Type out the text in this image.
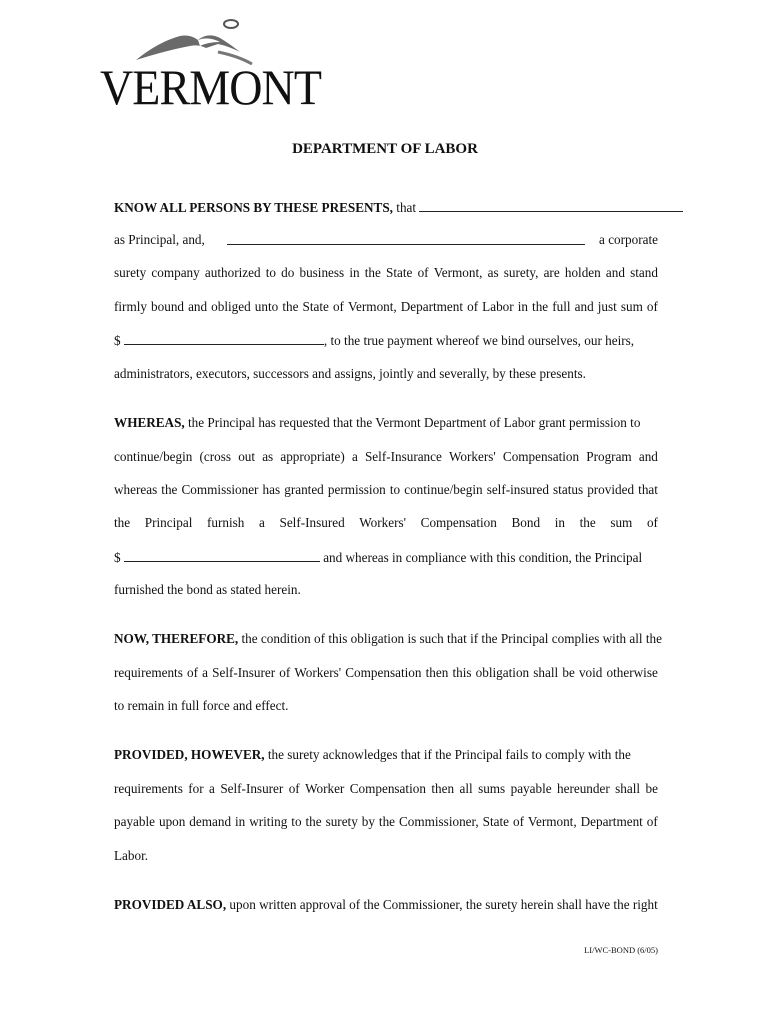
VERMONT
DEPARTMENT OF LABOR
KNOW ALL PERSONS BY THESE PRESENTS, that
as Principal, and,	a corporate
surety company authorized to do business in the State of Vermont, as surety, are holden and stand
firmly bound and obliged unto the State of Vermont, Department of Labor in the full and just sum of
$	, to the true payment whereof we bind ourselves, our heirs,
administrators, executors, successors and assigns, jointly and severally, by these presents.
WHEREAS, the Principal has requested that the Vermont Department of Labor grant permission to
continue/begin (cross out as appropriate) a Self-Insurance Workers' Compensation Program and
whereas the Commissioner has granted permission to continue/begin self-insured status provided that
the Principal furnish a Self-Insured Workers' Compensation Bond in the sum of
$	and whereas in compliance with this condition, the Principal
furnished the bond as stated herein.
NOW, THEREFORE, the condition of this obligation is such that if the Principal complies with all the
requirements of a Self-Insurer of Workers' Compensation then this obligation shall be void otherwise
to remain in full force and effect.
PROVIDED, HOWEVER, the surety acknowledges that if the Principal fails to comply with the
requirements for a Self-Insurer of Worker Compensation then all sums payable hereunder shall be
payable upon demand in writing to the surety by the Commissioner, State of Vermont, Department of
Labor.
PROVIDED ALSO, upon written approval of the Commissioner, the surety herein shall have the right
LI/WC-BOND (6/05)
